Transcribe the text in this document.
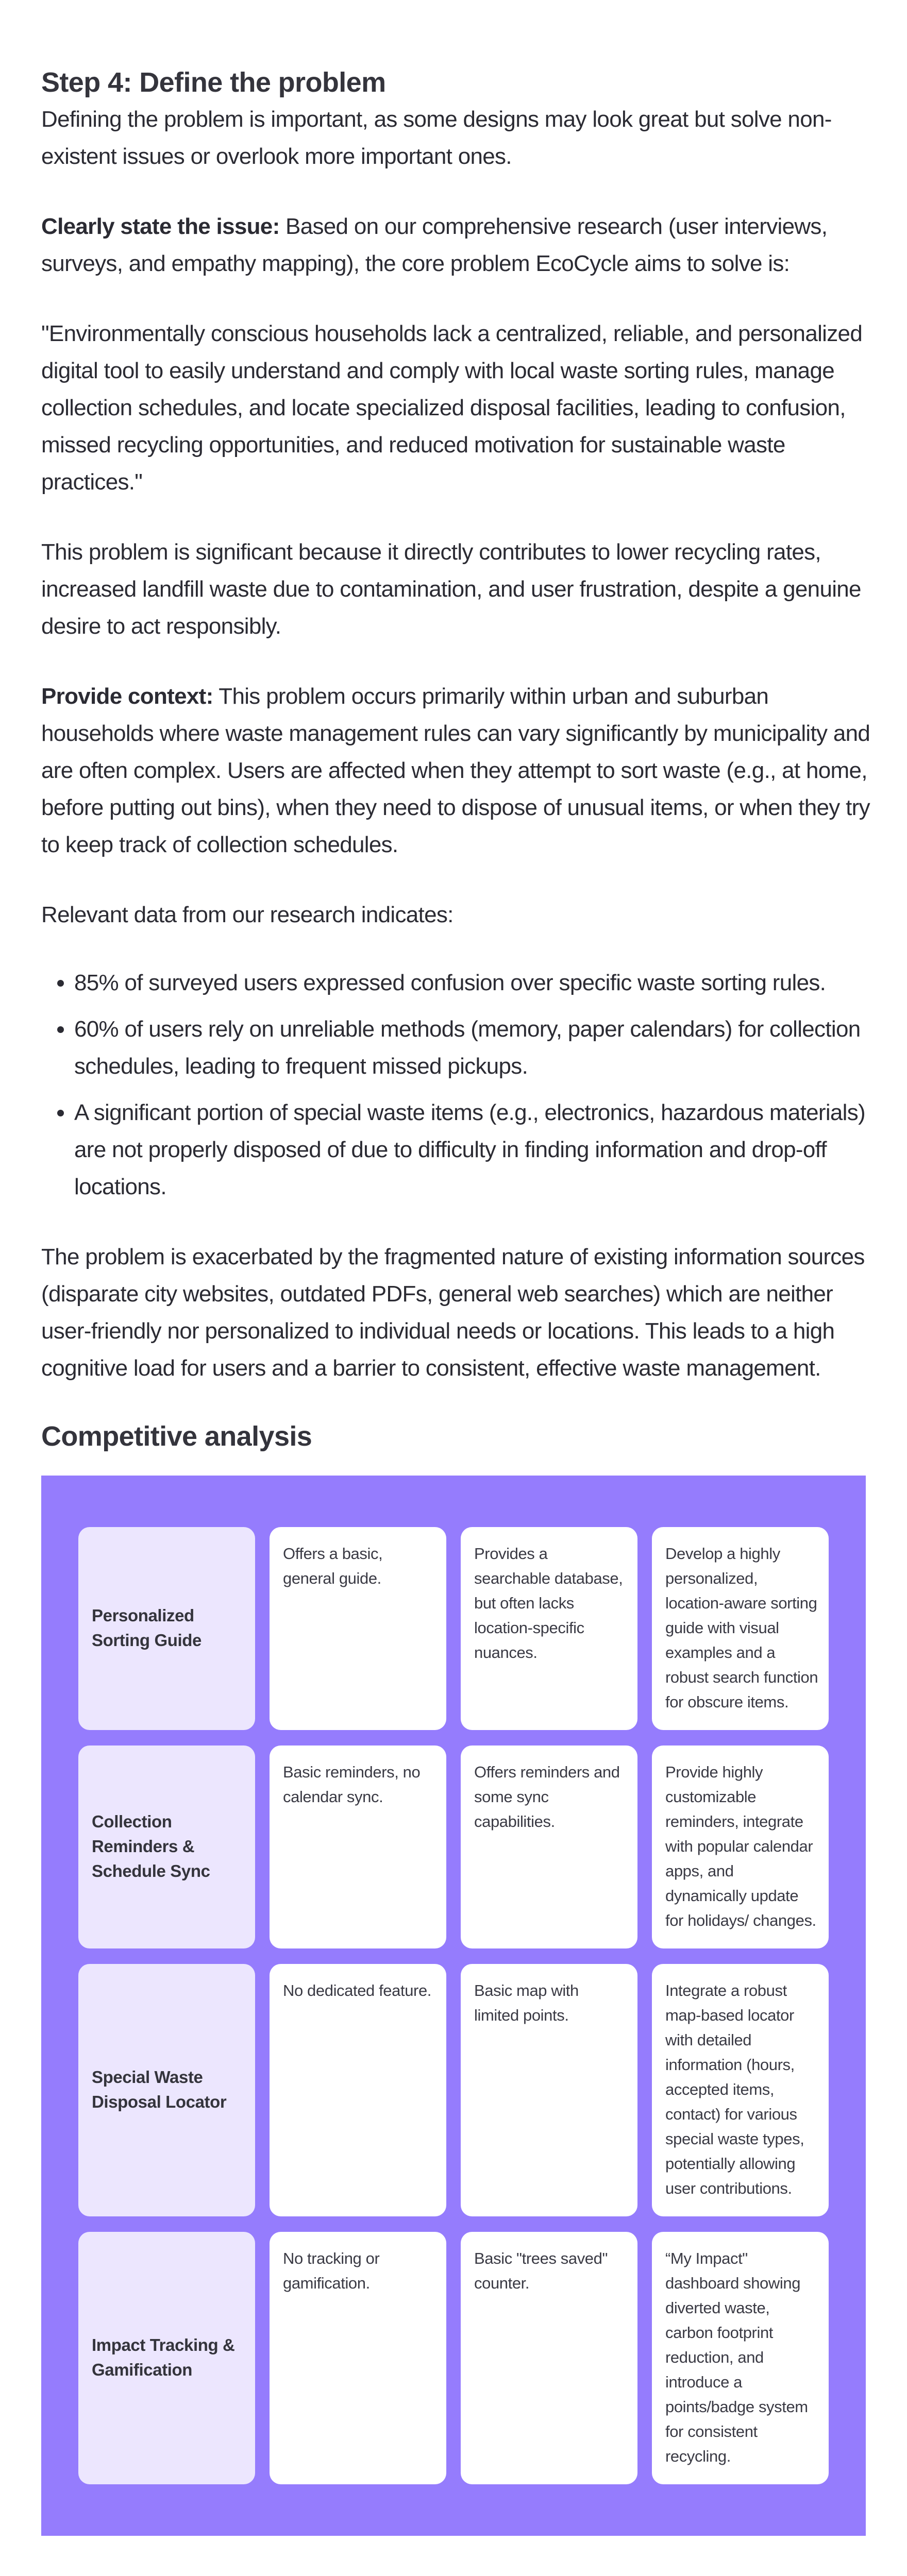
Step 4: Define the problem

Defining the problem is important, as some designs may look great but solve non-existent issues or overlook more important ones.

Clearly state the issue: Based on our comprehensive research (user interviews, surveys, and empathy mapping), the core problem EcoCycle aims to solve is:

"Environmentally conscious households lack a centralized, reliable, and personalized digital tool to easily understand and comply with local waste sorting rules, manage collection schedules, and locate specialized disposal facilities, leading to confusion, missed recycling opportunities, and reduced motivation for sustainable waste practices."

This problem is significant because it directly contributes to lower recycling rates, increased landfill waste due to contamination, and user frustration, despite a genuine desire to act responsibly.

Provide context: This problem occurs primarily within urban and suburban households where waste management rules can vary significantly by municipality and are often complex. Users are affected when they attempt to sort waste (e.g., at home, before putting out bins), when they need to dispose of unusual items, or when they try to keep track of collection schedules.

Relevant data from our research indicates:

• 85% of surveyed users expressed confusion over specific waste sorting rules.
• 60% of users rely on unreliable methods (memory, paper calendars) for collection schedules, leading to frequent missed pickups.
• A significant portion of special waste items (e.g., electronics, hazardous materials) are not properly disposed of due to difficulty in finding information and drop-off locations.

The problem is exacerbated by the fragmented nature of existing information sources (disparate city websites, outdated PDFs, general web searches) which are neither user-friendly nor personalized to individual needs or locations. This leads to a high cognitive load for users and a barrier to consistent, effective waste management.

Competitive analysis
Personalized Sorting Guide
Offers a basic, general guide.
Provides a searchable database, but often lacks location-specific nuances.
Develop a highly personalized, location-aware sorting guide with visual examples and a robust search function for obscure items.
Collection Reminders & Schedule Sync
Basic reminders, no calendar sync.
Offers reminders and some sync capabilities.
Provide highly customizable reminders, integrate with popular calendar apps, and dynamically update for holidays/ changes.
Special Waste Disposal Locator
No dedicated feature.	Basic map with limited points.
Integrate a robust map-based locator with detailed information (hours, accepted items, contact) for various special waste types, potentially allowing user contributions.
Impact Tracking & Gamification
No tracking or gamification.
Basic "trees saved" counter.
“My Impact" dashboard showing diverted waste, carbon footprint reduction, and introduce a points/badge system for consistent recycling.
